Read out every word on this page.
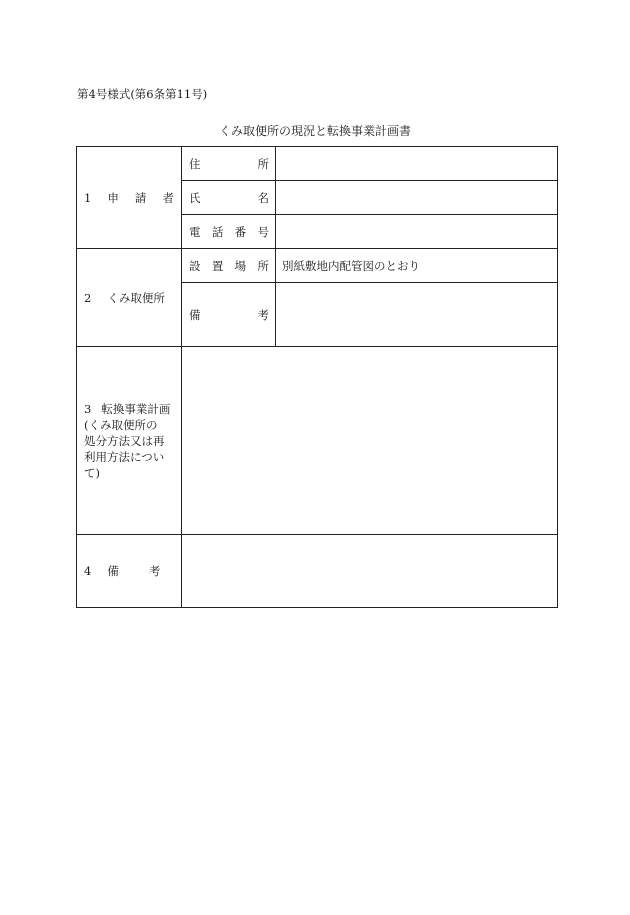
第4号様式(第6条第11号)
くみ取便所の現況と転換事業計画書
1 申 請 者	住 所	

	氏 名	

	電 話 番 号	

2 くみ取便所	設 置 場 所	別紙敷地内配管図のとおり

	備 考	

3 転換事業計画
(くみ取便所の
処分方法又は再
利用方法につい
て)		

4 備 考		
